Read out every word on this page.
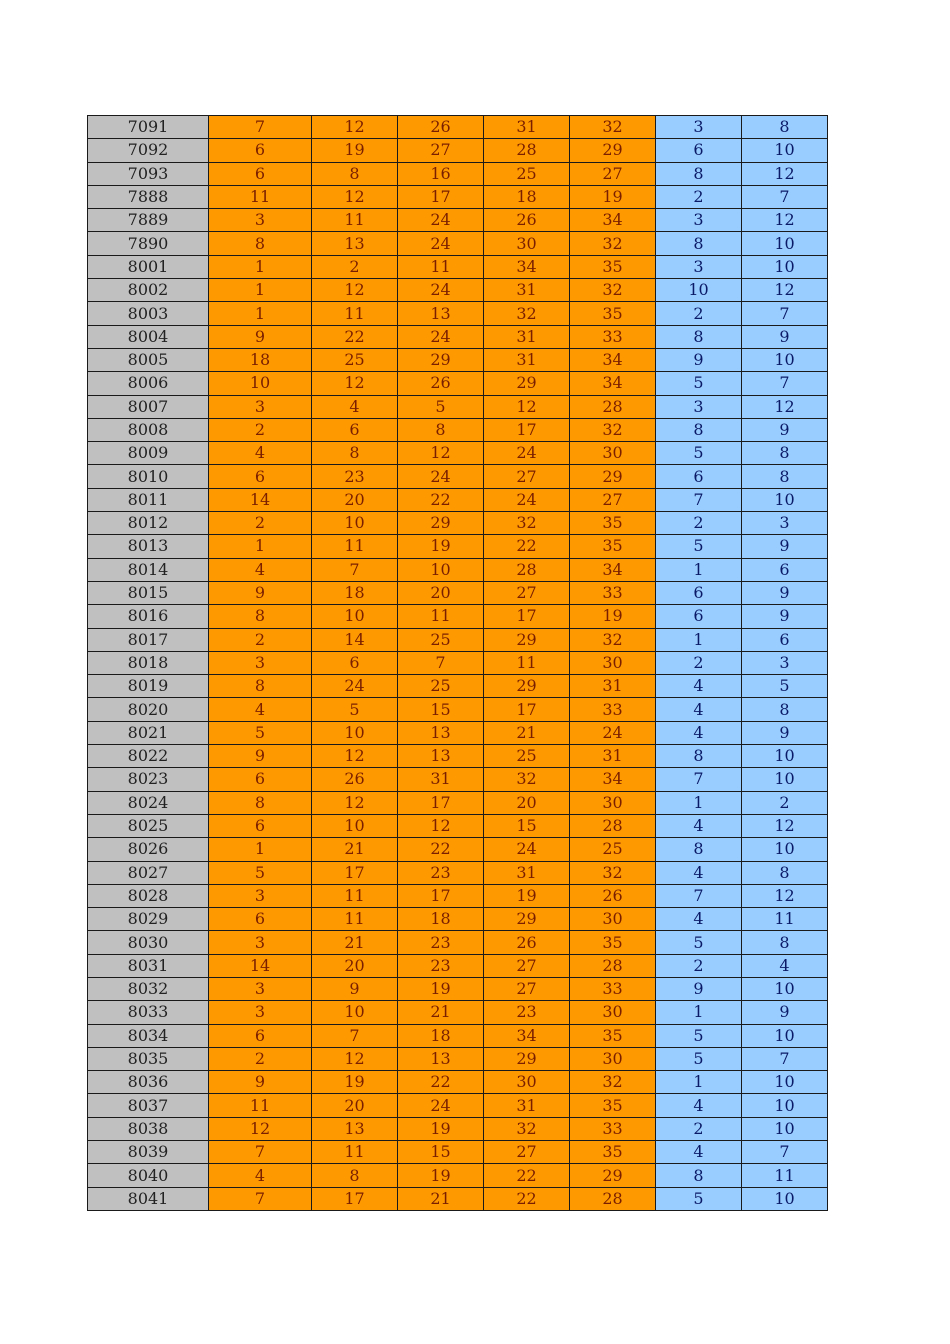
7091	7	12	26	31	32	3	8
7092	6	19	27	28	29	6	10
7093	6	8	16	25	27	8	12
7888	11	12	17	18	19	2	7
7889	3	11	24	26	34	3	12
7890	8	13	24	30	32	8	10
8001	1	2	11	34	35	3	10
8002	1	12	24	31	32	10	12
8003	1	11	13	32	35	2	7
8004	9	22	24	31	33	8	9
8005	18	25	29	31	34	9	10
8006	10	12	26	29	34	5	7
8007	3	4	5	12	28	3	12
8008	2	6	8	17	32	8	9
8009	4	8	12	24	30	5	8
8010	6	23	24	27	29	6	8
8011	14	20	22	24	27	7	10
8012	2	10	29	32	35	2	3
8013	1	11	19	22	35	5	9
8014	4	7	10	28	34	1	6
8015	9	18	20	27	33	6	9
8016	8	10	11	17	19	6	9
8017	2	14	25	29	32	1	6
8018	3	6	7	11	30	2	3
8019	8	24	25	29	31	4	5
8020	4	5	15	17	33	4	8
8021	5	10	13	21	24	4	9
8022	9	12	13	25	31	8	10
8023	6	26	31	32	34	7	10
8024	8	12	17	20	30	1	2
8025	6	10	12	15	28	4	12
8026	1	21	22	24	25	8	10
8027	5	17	23	31	32	4	8
8028	3	11	17	19	26	7	12
8029	6	11	18	29	30	4	11
8030	3	21	23	26	35	5	8
8031	14	20	23	27	28	2	4
8032	3	9	19	27	33	9	10
8033	3	10	21	23	30	1	9
8034	6	7	18	34	35	5	10
8035	2	12	13	29	30	5	7
8036	9	19	22	30	32	1	10
8037	11	20	24	31	35	4	10
8038	12	13	19	32	33	2	10
8039	7	11	15	27	35	4	7
8040	4	8	19	22	29	8	11
8041	7	17	21	22	28	5	10
